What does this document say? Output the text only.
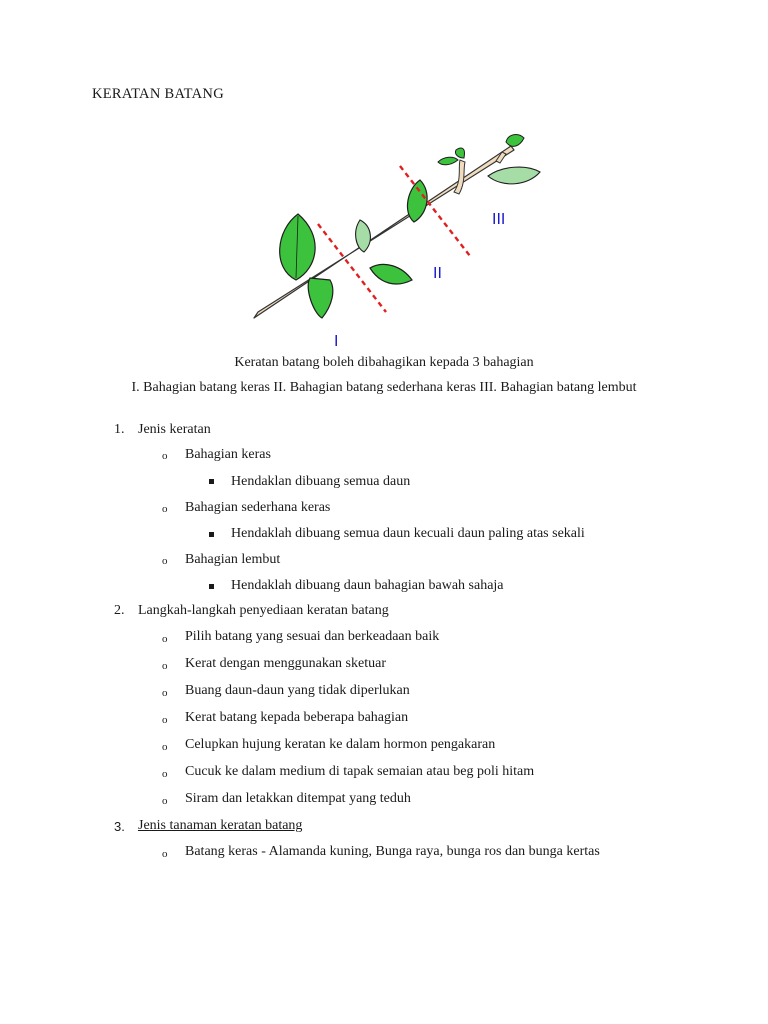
KERATAN BATANG
I
II
III
Keratan batang boleh dibahagikan kepada 3 bahagian
I. Bahagian batang keras II. Bahagian batang sederhana keras III. Bahagian batang lembut
1. Jenis keratan
o Bahagian keras
Hendaklan dibuang semua daun
o Bahagian sederhana keras
Hendaklah dibuang semua daun kecuali daun paling atas sekali
o Bahagian lembut
Hendaklah dibuang daun bahagian bawah sahaja
2. Langkah-langkah penyediaan keratan batang
o Pilih batang yang sesuai dan berkeadaan baik
o Kerat dengan menggunakan sketuar
o Buang daun-daun yang tidak diperlukan
o Kerat batang kepada beberapa bahagian
o Celupkan hujung keratan ke dalam hormon pengakaran
o Cucuk ke dalam medium di tapak semaian atau beg poli hitam
o Siram dan letakkan ditempat yang teduh
3. Jenis tanaman keratan batang
o Batang keras - Alamanda kuning, Bunga raya, bunga ros dan bunga kertas
